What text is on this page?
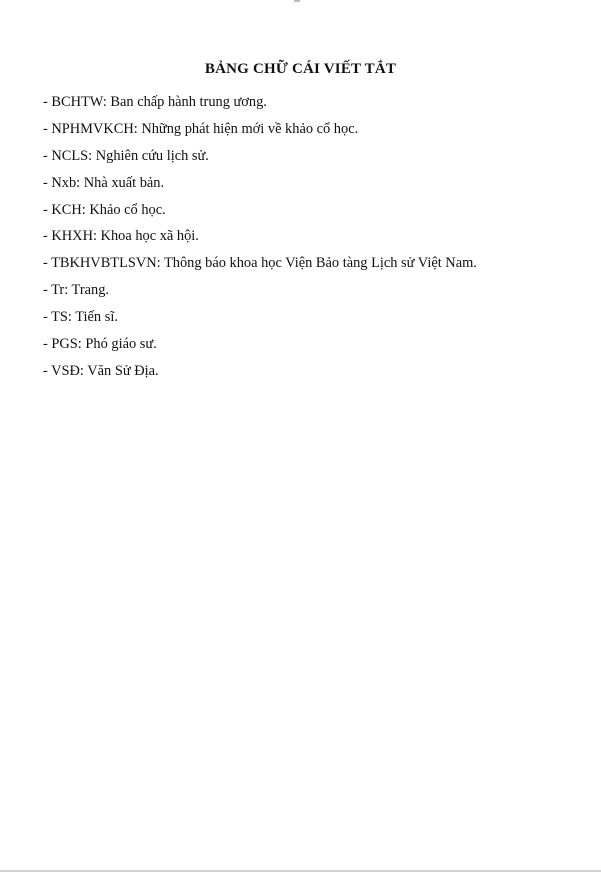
BẢNG CHỮ CÁI VIẾT TẮT
- BCHTW: Ban chấp hành trung ương.
- NPHMVKCH: Những phát hiện mới về khảo cổ học.
- NCLS: Nghiên cứu lịch sử.
- Nxb: Nhà xuất bản.
- KCH: Khảo cổ học.
- KHXH: Khoa học xã hội.
- TBKHVBTLSVN: Thông báo khoa học Viện Bảo tàng Lịch sử Việt Nam.
- Tr: Trang.
- TS: Tiến sĩ.
- PGS: Phó giáo sư.
- VSĐ: Văn Sử Địa.
